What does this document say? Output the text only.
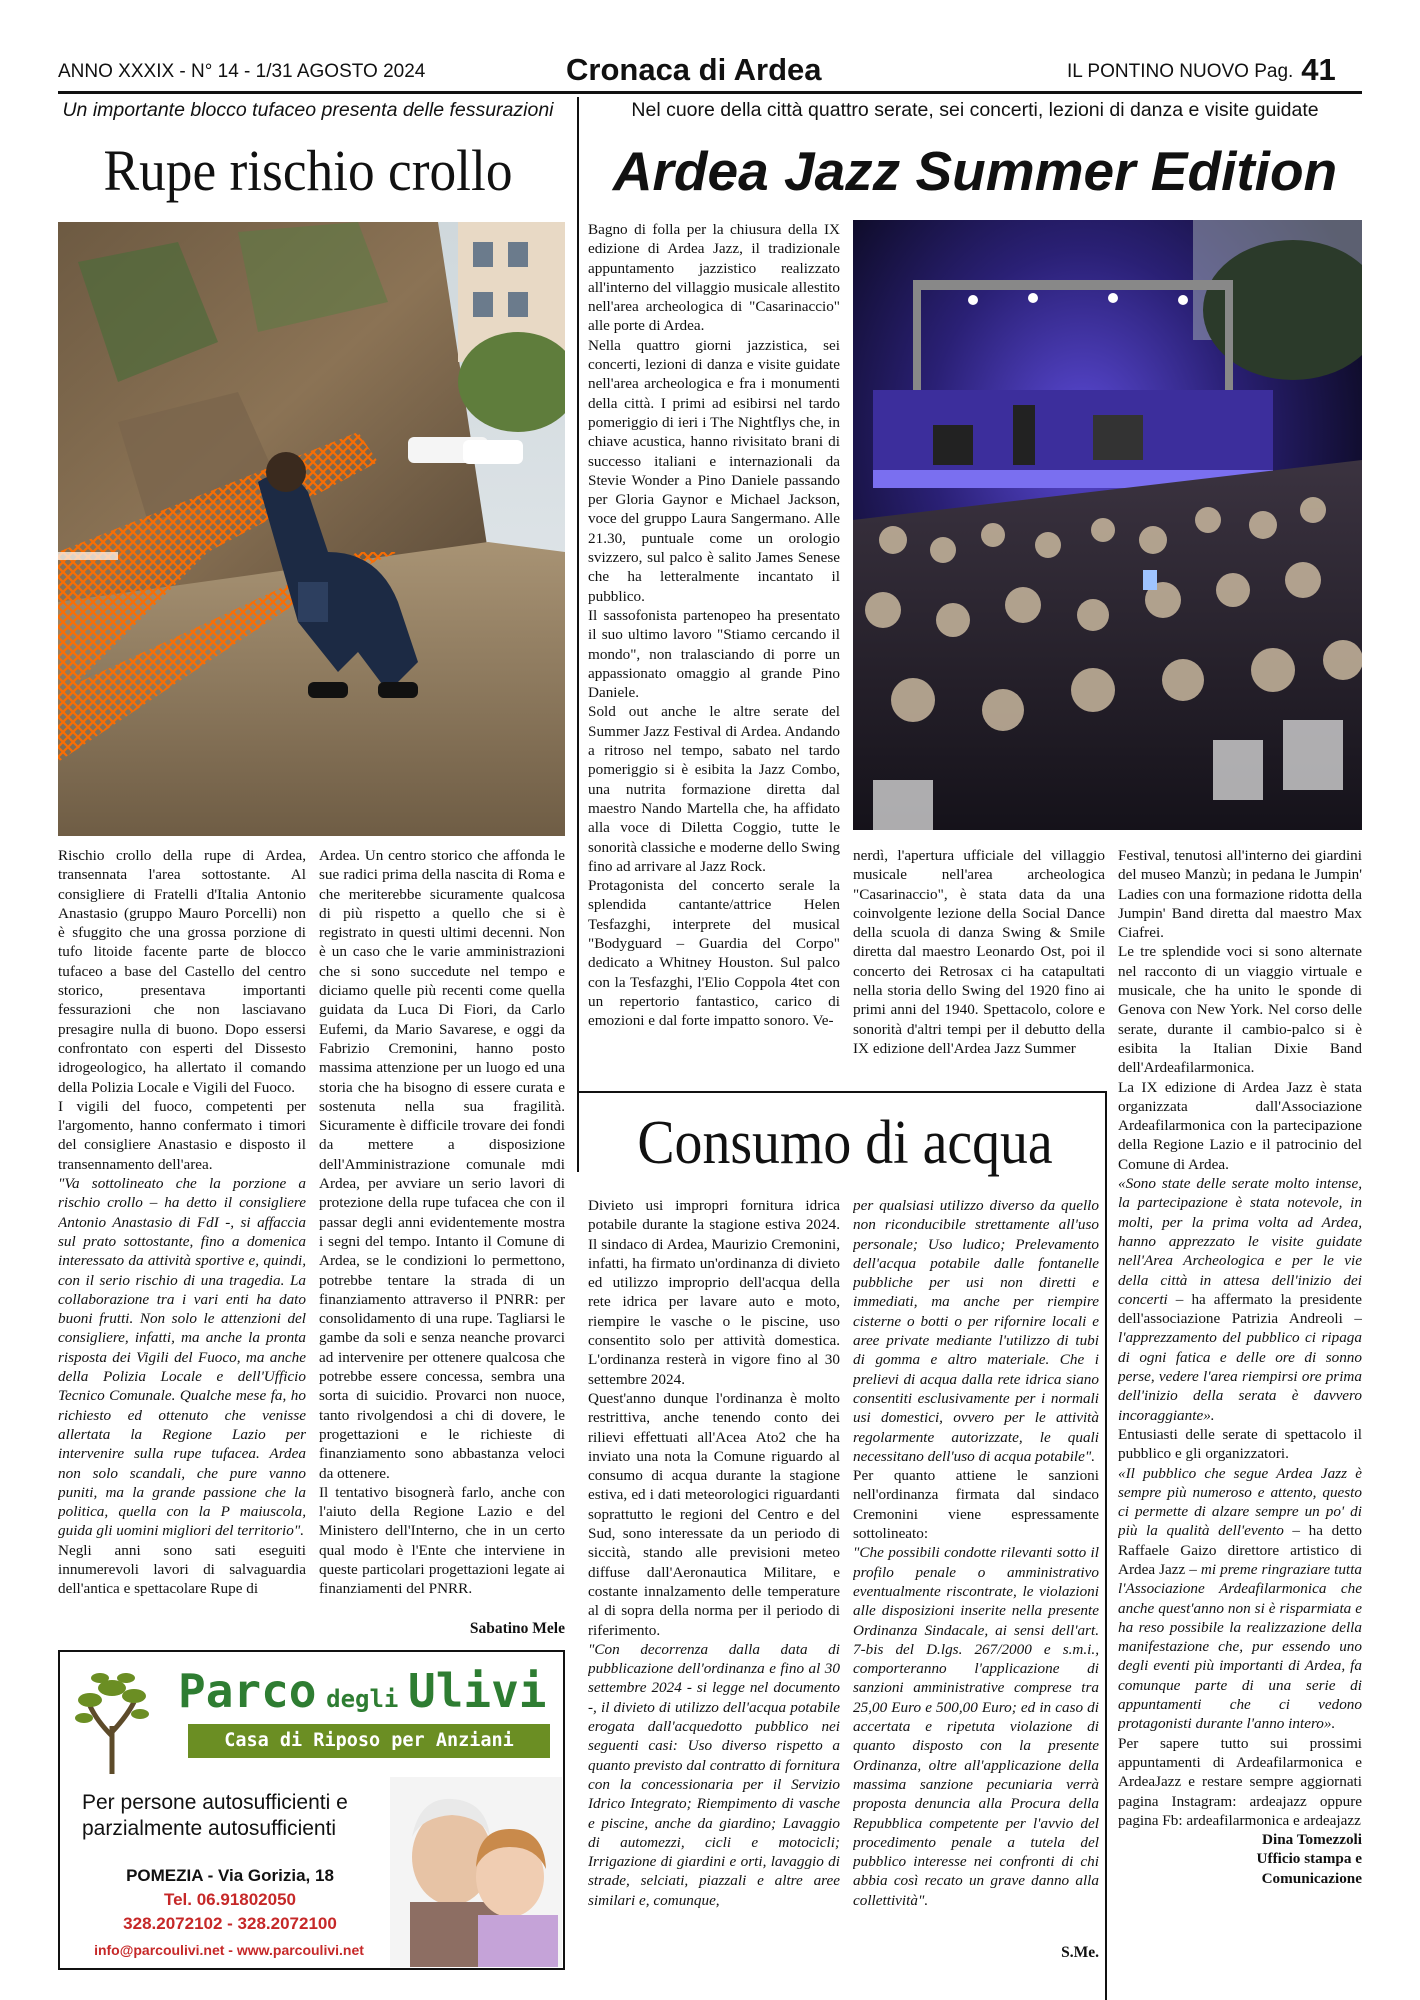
ANNO XXXIX - N° 14 - 1/31 AGOSTO 2024	Cronaca di Ardea	IL PONTINO NUOVO Pag. 41
Un importante blocco tufaceo presenta delle fessurazioni
Rupe rischio crollo

Rischio crollo della rupe di Ardea, transennata l'area sottostante. Al consigliere di Fratelli d'Italia Antonio Anastasio (gruppo Mauro Porcelli) non è sfuggito che una grossa porzione di tufo litoide facente parte de blocco tufaceo a base del Castello del centro storico, presentava importanti fessurazioni che non lasciavano presagire nulla di buono. Dopo essersi confrontato con esperti del Dissesto idrogeologico, ha allertato il comando della Polizia Locale e Vigili del Fuoco.

I vigili del fuoco, competenti per l'argomento, hanno confermato i timori del consigliere Anastasio e disposto il transennamento dell'area.

"Va sottolineato che la porzione a rischio crollo – ha detto il consigliere Antonio Anastasio di FdI -, si affaccia sul prato sottostante, fino a domenica interessato da attività sportive e, quindi, con il serio rischio di una tragedia. La collaborazione tra i vari enti ha dato buoni frutti. Non solo le attenzioni del consigliere, infatti, ma anche la pronta risposta dei Vigili del Fuoco, ma anche della Polizia Locale e dell'Ufficio Tecnico Comunale. Qualche mese fa, ho richiesto ed ottenuto che venisse allertata la Regione Lazio per intervenire sulla rupe tufacea. Ardea non solo scandali, che pure vanno puniti, ma la grande passione che la politica, quella con la P maiuscola, guida gli uomini migliori del territorio".

Negli anni sono sati eseguiti innumerevoli lavori di salvaguardia dell'antica e spettacolare Rupe di

Ardea. Un centro storico che affonda le sue radici prima della nascita di Roma e che meriterebbe sicuramente qualcosa di più rispetto a quello che si è registrato in questi ultimi decenni. Non è un caso che le varie amministrazioni che si sono succedute nel tempo e diciamo quelle più recenti come quella guidata da Luca Di Fiori, da Carlo Eufemi, da Mario Savarese, e oggi da Fabrizio Cremonini, hanno posto massima attenzione per un luogo ed una storia che ha bisogno di essere curata e sostenuta nella sua fragilità. Sicuramente è difficile trovare dei fondi da mettere a disposizione dell'Amministrazione comunale mdi Ardea, per avviare un serio lavori di protezione della rupe tufacea che con il passar degli anni evidentemente mostra i segni del tempo. Intanto il Comune di Ardea, se le condizioni lo permettono, potrebbe tentare la strada di un finanziamento attraverso il PNRR: per consolidamento di una rupe. Tagliarsi le gambe da soli e senza neanche provarci ad intervenire per ottenere qualcosa che potrebbe essere concessa, sembra una sorta di suicidio. Provarci non nuoce, tanto rivolgendosi a chi di dovere, le progettazioni e le richieste di finanziamento sono abbastanza veloci da ottenere.

Il tentativo bisognerà farlo, anche con l'aiuto della Regione Lazio e del Ministero dell'Interno, che in un certo qual modo è l'Ente che interviene in queste particolari progettazioni legate ai finanziamenti del PNRR.

Sabatino Mele
Nel cuore della città quattro serate, sei concerti, lezioni di danza e visite guidate
Ardea Jazz Summer Edition

Bagno di folla per la chiusura della IX edizione di Ardea Jazz, il tradizionale appuntamento jazzistico realizzato all'interno del villaggio musicale allestito nell'area archeologica di "Casarinaccio" alle porte di Ardea.

Nella quattro giorni jazzistica, sei concerti, lezioni di danza e visite guidate nell'area archeologica e fra i monumenti della città. I primi ad esibirsi nel tardo pomeriggio di ieri i The Nightflys che, in chiave acustica, hanno rivisitato brani di successo italiani e internazionali da Stevie Wonder a Pino Daniele passando per Gloria Gaynor e Michael Jackson, voce del gruppo Laura Sangermano. Alle 21.30, puntuale come un orologio svizzero, sul palco è salito James Senese che ha letteralmente incantato il pubblico.

Il sassofonista partenopeo ha presentato il suo ultimo lavoro "Stiamo cercando il mondo", non tralasciando di porre un appassionato omaggio al grande Pino Daniele.

Sold out anche le altre serate del Summer Jazz Festival di Ardea. Andando a ritroso nel tempo, sabato nel tardo pomeriggio si è esibita la Jazz Combo, una nutrita formazione diretta dal maestro Nando Martella che, ha affidato alla voce di Diletta Coggio, tutte le sonorità classiche e moderne dello Swing fino ad arrivare al Jazz Rock.

Protagonista del concerto serale la splendida cantante/attrice Helen Tesfazghi, interprete del musical "Bodyguard – Guardia del Corpo" dedicato a Whitney Houston. Sul palco con la Tesfazghi, l'Elio Coppola 4tet con un repertorio fantastico, carico di emozioni e dal forte impatto sonoro. Ve-

nerdì, l'apertura ufficiale del villaggio musicale nell'area archeologica "Casarinaccio", è stata data da una coinvolgente lezione della Social Dance della scuola di danza Swing & Smile diretta dal maestro Leonardo Ost, poi il concerto dei Retrosax ci ha catapultati nella storia dello Swing del 1920 fino ai primi anni del 1940. Spettacolo, colore e sonorità d'altri tempi per il debutto della IX edizione dell'Ardea Jazz Summer

Festival, tenutosi all'interno dei giardini del museo Manzù; in pedana le Jumpin' Ladies con una formazione ridotta della Jumpin' Band diretta dal maestro Max Ciafrei.

Le tre splendide voci si sono alternate nel racconto di un viaggio virtuale e musicale, che ha unito le sponde di Genova con New York. Nel corso delle serate, durante il cambio-palco si è esibita la Italian Dixie Band dell'Ardeafilarmonica.

La IX edizione di Ardea Jazz è stata organizzata dall'Associazione Ardeafilarmonica con la partecipazione della Regione Lazio e il patrocinio del Comune di Ardea.

«Sono state delle serate molto intense, la partecipazione è stata notevole, in molti, per la prima volta ad Ardea, hanno apprezzato le visite guidate nell'Area Archeologica e per le vie della città in attesa dell'inizio dei concerti – ha affermato la presidente dell'associazione Patrizia Andreoli – l'apprezzamento del pubblico ci ripaga di ogni fatica e delle ore di sonno perse, vedere l'area riempirsi ore prima dell'inizio della serata è davvero incoraggiante».

Entusiasti delle serate di spettacolo il pubblico e gli organizzatori.

«Il pubblico che segue Ardea Jazz è sempre più numeroso e attento, questo ci permette di alzare sempre un po' di più la qualità dell'evento – ha detto Raffaele Gaizo direttore artistico di Ardea Jazz – mi preme ringraziare tutta l'Associazione Ardeafilarmonica che anche quest'anno non si è risparmiata e ha reso possibile la realizzazione della manifestazione che, pur essendo uno degli eventi più importanti di Ardea, fa comunque parte di una serie di appuntamenti che ci vedono protagonisti durante l'anno intero».

Per sapere tutto sui prossimi appuntamenti di Ardeafilarmonica e ArdeaJazz e restare sempre aggiornati pagina Instagram: ardeajazz oppure pagina Fb: ardeafilarmonica e ardeajazz

Dina Tomezzoli

Ufficio stampa e

Comunicazione

Consumo di acqua

Divieto usi impropri fornitura idrica potabile durante la stagione estiva 2024. Il sindaco di Ardea, Maurizio Cremonini, infatti, ha firmato un'ordinanza di divieto ed utilizzo improprio dell'acqua della rete idrica per lavare auto e moto, riempire le vasche o le piscine, uso consentito solo per attività domestica. L'ordinanza resterà in vigore fino al 30 settembre 2024.

Quest'anno dunque l'ordinanza è molto restrittiva, anche tenendo conto dei rilievi effettuati all'Aceа Ato2 che ha inviato una nota la Comune riguardo al consumo di acqua durante la stagione estiva, ed i dati meteorologici riguardanti soprattutto le regioni del Centro e del Sud, sono interessate da un periodo di siccità, stando alle previsioni meteo diffuse dall'Aeronautica Militare, e costante innalzamento delle temperature al di sopra della norma per il periodo di riferimento.

"Con decorrenza dalla data di pubblicazione dell'ordinanza e fino al 30 settembre 2024 - si legge nel documento -, il divieto di utilizzo dell'acqua potabile erogata dall'acquedotto pubblico nei seguenti casi: Uso diverso rispetto a quanto previsto dal contratto di fornitura con la concessionaria per il Servizio Idrico Integrato; Riempimento di vasche e piscine, anche da giardino; Lavaggio di automezzi, cicli e motocicli; Irrigazione di giardini e orti, lavaggio di strade, selciati, piazzali e altre aree similari e, comunque,

per qualsiasi utilizzo diverso da quello non riconducibile strettamente all'uso personale; Uso ludico; Prelevamento dell'acqua potabile dalle fontanelle pubbliche per usi non diretti e immediati, ma anche per riempire cisterne o botti o per rifornire locali e aree private mediante l'utilizzo di tubi di gomma e altro materiale. Che i prelievi di acqua dalla rete idrica siano consentiti esclusivamente per i normali usi domestici, ovvero per le attività regolarmente autorizzate, le quali necessitano dell'uso di acqua potabile".

Per quanto attiene le sanzioni nell'ordinanza firmata dal sindaco Cremonini viene espressamente sottolineato:

"Che possibili condotte rilevanti sotto il profilo penale o amministrativo eventualmente riscontrate, le violazioni alle disposizioni inserite nella presente Ordinanza Sindacale, ai sensi dell'art. 7-bis del D.lgs. 267/2000 e s.m.i., comporteranno l'applicazione di sanzioni amministrative comprese tra 25,00 Euro e 500,00 Euro; ed in caso di accertata e ripetuta violazione di quanto disposto con la presente Ordinanza, oltre all'applicazione della massima sanzione pecuniaria verrà proposta denuncia alla Procura della Repubblica competente per l'avvio del procedimento penale a tutela del pubblico interesse nei confronti di chi abbia così recato un grave danno alla collettività".

S.Me.
Parco degli Ulivi
Casa di Riposo per Anziani
Per persone autosufficienti e
parzialmente autosufficienti
POMEZIA - Via Gorizia, 18
Tel. 06.91802050
328.2072102 - 328.2072100
info@parcoulivi.net - www.parcoulivi.net
